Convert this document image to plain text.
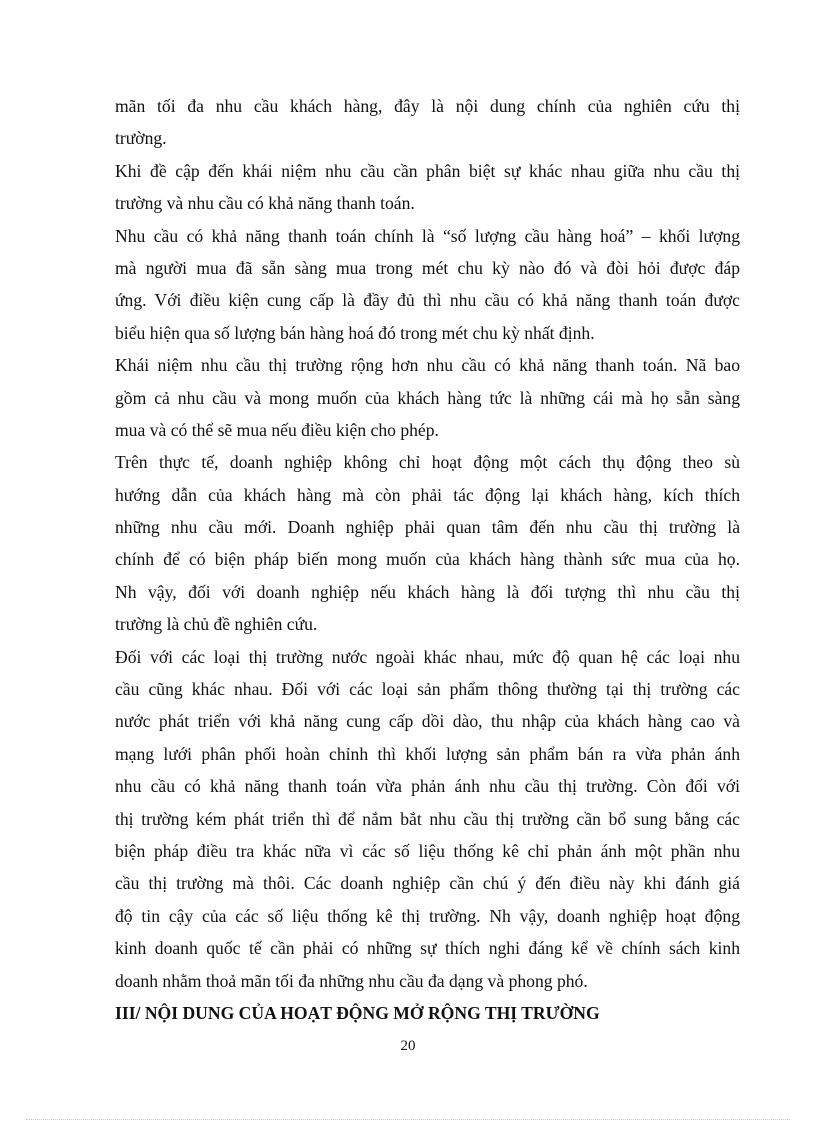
mãn tối đa nhu cầu khách hàng, đây là nội dung chính của nghiên cứu thị
trường.
Khi đề cập đến khái niệm nhu cầu cần phân biệt sự khác nhau giữa nhu cầu thị
trường và nhu cầu có khả năng thanh toán.
Nhu cầu có khả năng thanh toán chính là “số lượng cầu hàng hoá” – khối lượng
mà người mua đã sẵn sàng mua trong mét chu kỳ nào đó và đòi hỏi được đáp
ứng. Với điều kiện cung cấp là đầy đủ thì nhu cầu có khả năng thanh toán được
biểu hiện qua số lượng bán hàng hoá đó trong mét chu kỳ nhất định.
Khái niệm nhu cầu thị trường rộng hơn nhu cầu có khả năng thanh toán. Nã bao
gồm cả nhu cầu và mong muốn của khách hàng tức là những cái mà họ sẵn sàng
mua và có thể sẽ mua nếu điều kiện cho phép.
Trên thực tế, doanh nghiệp không chỉ hoạt động một cách thụ động theo sù
hướng dẫn của khách hàng mà còn phải tác động lại khách hàng, kích thích
những nhu cầu mới. Doanh nghiệp phải quan tâm đến nhu cầu thị trường là
chính để có biện pháp biến mong muốn của khách hàng thành sức mua của họ.
Nh vậy, đối với doanh nghiệp nếu khách hàng là đối tượng thì nhu cầu thị
trường là chủ đề nghiên cứu.
Đối với các loại thị trường nước ngoài khác nhau, mức độ quan hệ các loại nhu
cầu cũng khác nhau. Đối với các loại sản phẩm thông thường tại thị trường các
nước phát triển với khả năng cung cấp dồi dào, thu nhập của khách hàng cao và
mạng lưới phân phối hoàn chỉnh thì khối lượng sản phẩm bán ra vừa phản ánh
nhu cầu có khả năng thanh toán vừa phản ánh nhu cầu thị trường. Còn đối với
thị trường kém phát triển thì để nắm bắt nhu cầu thị trường cần bổ sung bằng các
biện pháp điều tra khác nữa vì các số liệu thống kê chỉ phản ánh một phần nhu
cầu thị trường mà thôi. Các doanh nghiệp cần chú ý đến điều này khi đánh giá
độ tin cậy của các số liệu thống kê thị trường. Nh vậy, doanh nghiệp hoạt động
kinh doanh quốc tế cần phải có những sự thích nghi đáng kể về chính sách kinh
doanh nhằm thoả mãn tối đa những nhu cầu đa dạng và phong phó.
III/ NỘI DUNG CỦA HOẠT ĐỘNG MỞ RỘNG THỊ TRƯỜNG
20
